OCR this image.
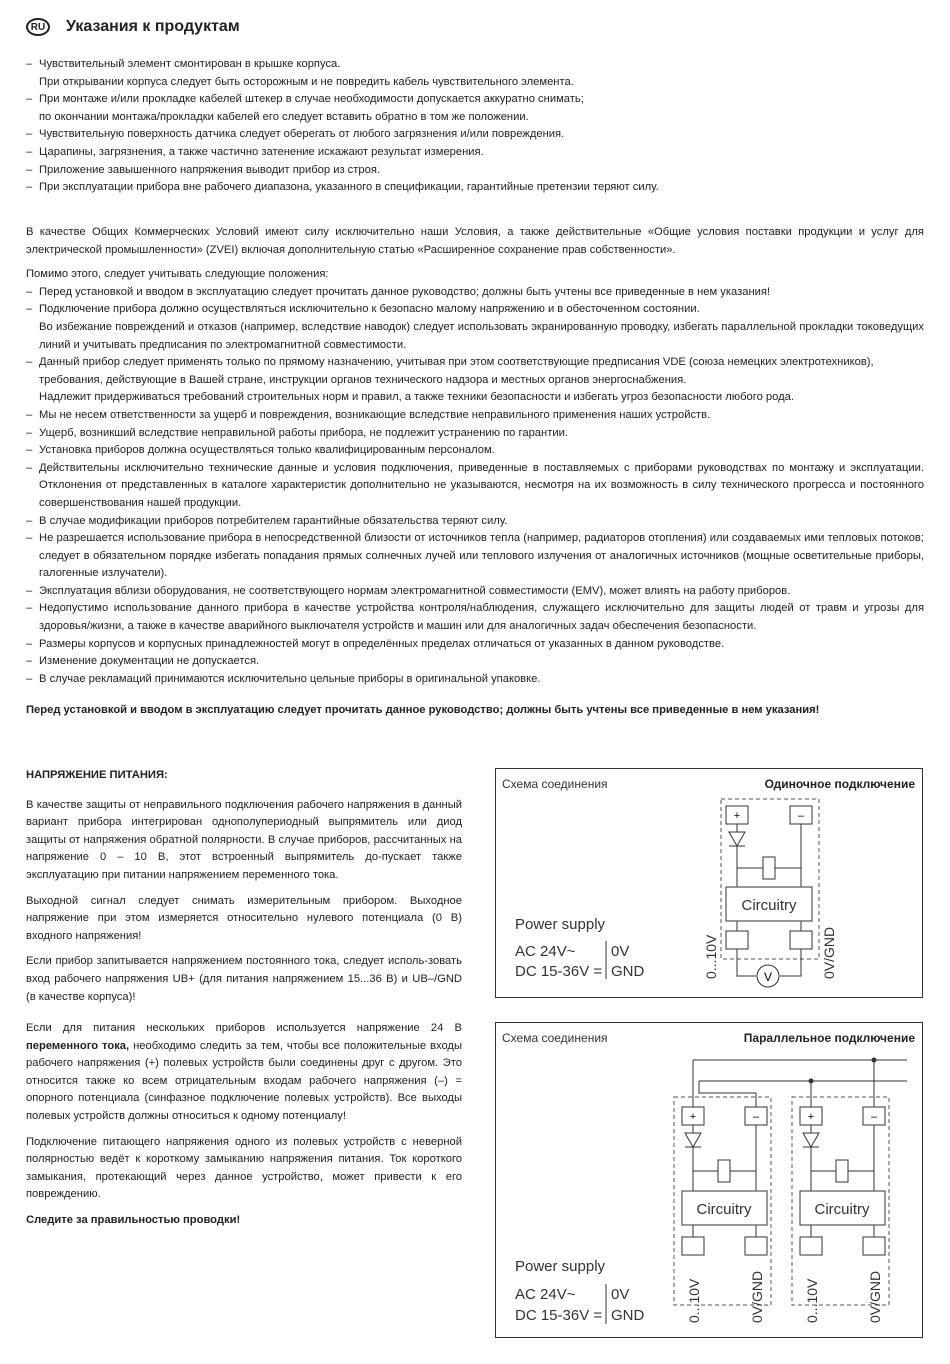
RU Указания к продуктам

– Чувствительный элемент смонтирован в крышке корпуса.

При открывании корпуса следует быть осторожным и не повредить кабель чувствительного элемента.

– При монтаже и/или прокладке кабелей штекер в случае необходимости допускается аккуратно снимать;

по окончании монтажа/прокладки кабелей его следует вставить обратно в том же положении.

– Чувствительную поверхность датчика следует оберегать от любого загрязнения и/или повреждения.

– Царапины, загрязнения, а также частично затенение искажают результат измерения.

– Приложение завышенного напряжения выводит прибор из строя.

– При эксплуатации прибора вне рабочего диапазона, указанного в спецификации, гарантийные претензии теряют силу.

В качестве Общих Коммерческих Условий имеют силу исключительно наши Условия, а также действительные «Общие условия поставки продукции и услуг для электрической промышленности» (ZVEI) включая дополнительную статью «Расширенное сохранение прав собственности».

Помимо этого, следует учитывать следующие положения:

– Перед установкой и вводом в эксплуатацию следует прочитать данное руководство; должны быть учтены все приведенные в нем указания!

– Подключение прибора должно осуществляться исключительно к безопасно малому напряжению и в обесточенном состоянии.

Во избежание повреждений и отказов (например, вследствие наводок) следует использовать экранированную проводку, избегать параллельной прокладки токоведущих линий и учитывать предписания по электромагнитной совместимости.

– Данный прибор следует применять только по прямому назначению, учитывая при этом соответствующие предписания VDE (союза немецких электротехников), требования, действующие в Вашей стране, инструкции органов технического надзора и местных органов энергоснабжения.

Надлежит придерживаться требований строительных норм и правил, а также техники безопасности и избегать угроз безопасности любого рода.

– Мы не несем ответственности за ущерб и повреждения, возникающие вследствие неправильного применения наших устройств.

– Ущерб, возникший вследствие неправильной работы прибора, не подлежит устранению по гарантии.

– Установка приборов должна осуществляться только квалифицированным персоналом.

– Действительны исключительно технические данные и условия подключения, приведенные в поставляемых с приборами руководствах по монтажу и эксплуатации. Отклонения от представленных в каталоге характеристик дополнительно не указываются, несмотря на их возможность в силу технического прогресса и постоянного совершенствования нашей продукции.

– В случае модификации приборов потребителем гарантийные обязательства теряют силу.

– Не разрешается использование прибора в непосредственной близости от источников тепла (например, радиаторов отопления) или создаваемых ими тепловых потоков; следует в обязательном порядке избегать попадания прямых солнечных лучей или теплового излучения от аналогичных источников (мощные осветительные приборы, галогенные излучатели).

– Эксплуатация вблизи оборудования, не соответствующего нормам электромагнитной совместимости (EMV), может влиять на работу приборов.

– Недопустимо использование данного прибора в качестве устройства контроля/наблюдения, служащего исключительно для защиты людей от травм и угрозы для здоровья/жизни, а также в качестве аварийного выключателя устройств и машин или для аналогичных задач обеспечения безопасности.

– Размеры корпусов и корпусных принадлежностей могут в определённых пределах отличаться от указанных в данном руководстве.

– Изменение документации не допускается.

– В случае рекламаций принимаются исключительно цельные приборы в оригинальной упаковке.

Перед установкой и вводом в эксплуатацию следует прочитать данное руководство; должны быть учтены все приведенные в нем указания!

НАПРЯЖЕНИЕ ПИТАНИЯ:

В качестве защиты от неправильного подключения рабочего напряжения в данный вариант прибора интегрирован однополупериодный выпрямитель или диод защиты от напряжения обратной полярности. В случае приборов, рассчитанных на напряжение 0 – 10 В, этот встроенный выпрямитель до-пускает также эксплуатацию при питании напряжением переменного тока.

Выходной сигнал следует снимать измерительным прибором. Выходное напряжение при этом измеряется относительно нулевого потенциала (0 В) входного напряжения!

Если прибор запитывается напряжением постоянного тока, следует исполь-зовать вход рабочего напряжения UB+ (для питания напряжением 15...36 В) и UB–/GND (в качестве корпуса)!

Если для питания нескольких приборов используется напряжение 24 В переменного тока, необходимо следить за тем, чтобы все положительные входы рабочего напряжения (+) полевых устройств были соединены друг с другом. Это относится также ко всем отрицательным входам рабочего напряжения (–) = опорного потенциала (синфазное подключение полевых устройств). Все выходы полевых устройств должны относиться к одному потенциалу!

Подключение питающего напряжения одного из полевых устройств с неверной полярностью ведёт к короткому замыканию напряжения питания. Ток короткого замыкания, протекающий через данное устройство, может привести к его повреждению.

Следите за правильностью проводки!

Схема соединения	Одиночное подключение
+	–
Circuitry
V
0...10V	0V/GND
Power supply
AC 24V~
DC 15-36V =
0V
GND
Схема соединения	Параллельное подключение
+	–
Circuitry
0...10V	0V/GND
+	–
Circuitry
0...10V	0V/GND
Power supply
AC 24V~
DC 15-36V =
0V
GND
